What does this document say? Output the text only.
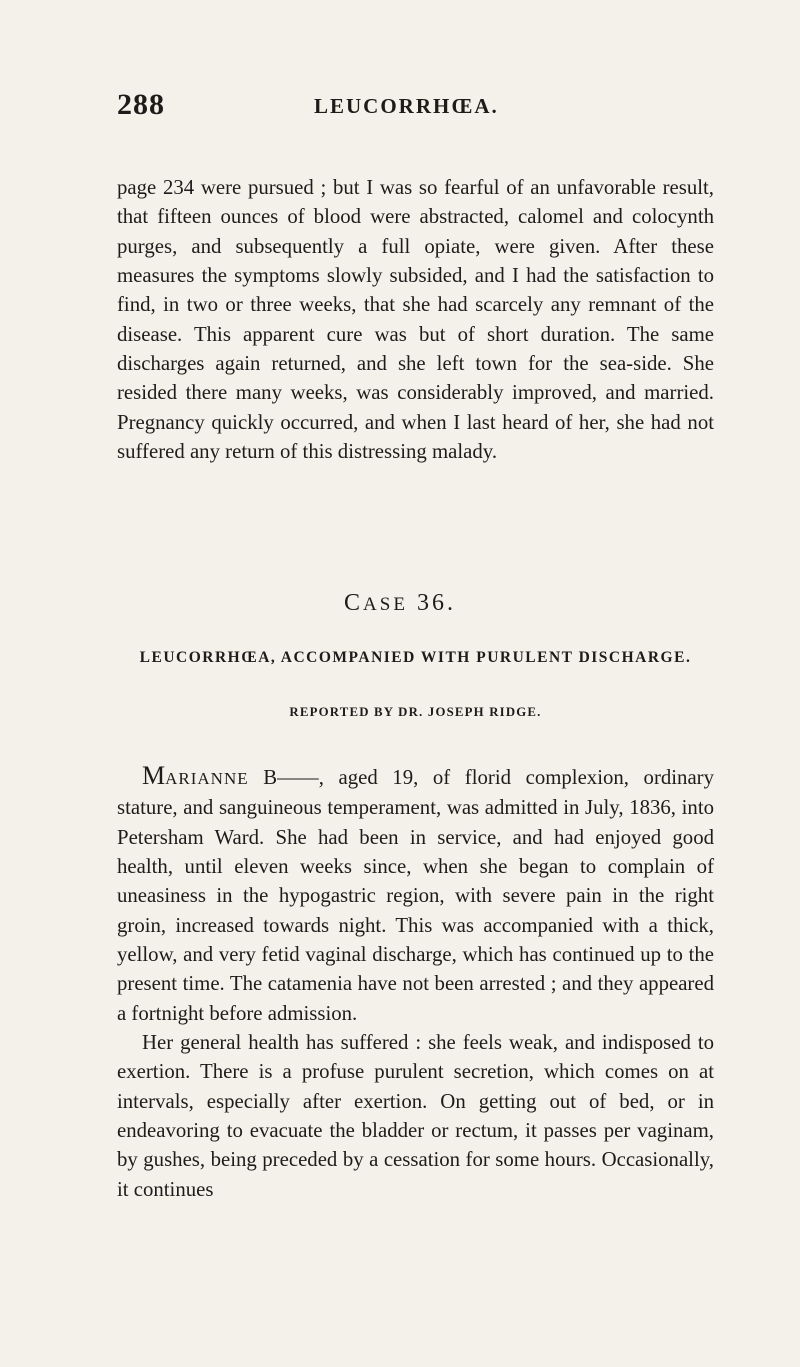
288	LEUCORRHŒA.

page 234 were pursued ; but I was so fearful of an unfavorable result, that fifteen ounces of blood were abstracted, calomel and colocynth purges, and subsequently a full opiate, were given. After these measures the symptoms slowly subsided, and I had the satisfaction to find, in two or three weeks, that she had scarcely any remnant of the disease. This apparent cure was but of short duration. The same discharges again returned, and she left town for the sea-side. She resided there many weeks, was considerably improved, and married. Pregnancy quickly occurred, and when I last heard of her, she had not suffered any return of this distressing malady.

CASE 36.
LEUCORRHŒA, ACCOMPANIED WITH PURULENT DISCHARGE.
REPORTED BY DR. JOSEPH RIDGE.

MARIANNE B——, aged 19, of florid complexion, ordinary stature, and sanguineous temperament, was admitted in July, 1836, into Petersham Ward. She had been in service, and had enjoyed good health, until eleven weeks since, when she began to complain of uneasiness in the hypogastric region, with severe pain in the right groin, increased towards night. This was accompanied with a thick, yellow, and very fetid vaginal discharge, which has continued up to the present time. The catamenia have not been arrested ; and they appeared a fortnight before admission.

Her general health has suffered : she feels weak, and indisposed to exertion. There is a profuse purulent secretion, which comes on at intervals, especially after exertion. On getting out of bed, or in endeavoring to evacuate the bladder or rectum, it passes per vaginam, by gushes, being preceded by a cessation for some hours. Occasionally, it continues
